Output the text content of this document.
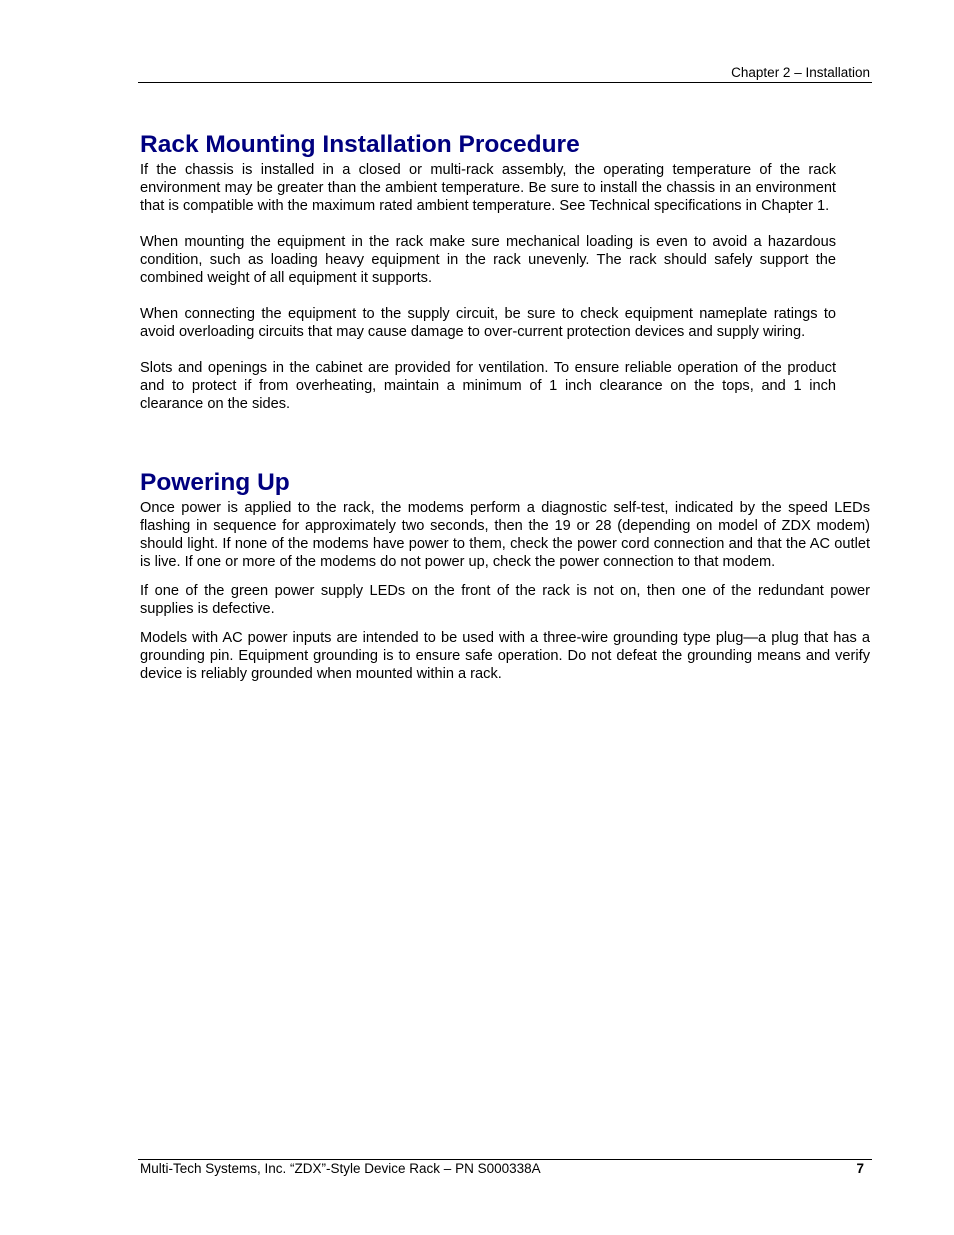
Chapter 2 – Installation
Rack Mounting Installation Procedure

If the chassis is installed in a closed or multi-rack assembly, the operating temperature of the rack environment may be greater than the ambient temperature. Be sure to install the chassis in an environment that is compatible with the maximum rated ambient temperature. See Technical specifications in Chapter 1.

When mounting the equipment in the rack make sure mechanical loading is even to avoid a hazardous condition, such as loading heavy equipment in the rack unevenly. The rack should safely support the combined weight of all equipment it supports.

When connecting the equipment to the supply circuit, be sure to check equipment nameplate ratings to avoid overloading circuits that may cause damage to over-current protection devices and supply wiring.

Slots and openings in the cabinet are provided for ventilation. To ensure reliable operation of the product and to protect if from overheating, maintain a minimum of 1 inch clearance on the tops, and 1 inch clearance on the sides.

Powering Up

Once power is applied to the rack, the modems perform a diagnostic self-test, indicated by the speed LEDs flashing in sequence for approximately two seconds, then the 19 or 28 (depending on model of ZDX modem) should light. If none of the modems have power to them, check the power cord connection and that the AC outlet is live. If one or more of the modems do not power up, check the power connection to that modem.

If one of the green power supply LEDs on the front of the rack is not on, then one of the redundant power supplies is defective.

Models with AC power inputs are intended to be used with a three-wire grounding type plug—a plug that has a grounding pin. Equipment grounding is to ensure safe operation. Do not defeat the grounding means and verify device is reliably grounded when mounted within a rack.

Multi-Tech Systems, Inc. “ZDX”-Style Device Rack – PN S000338A	7
